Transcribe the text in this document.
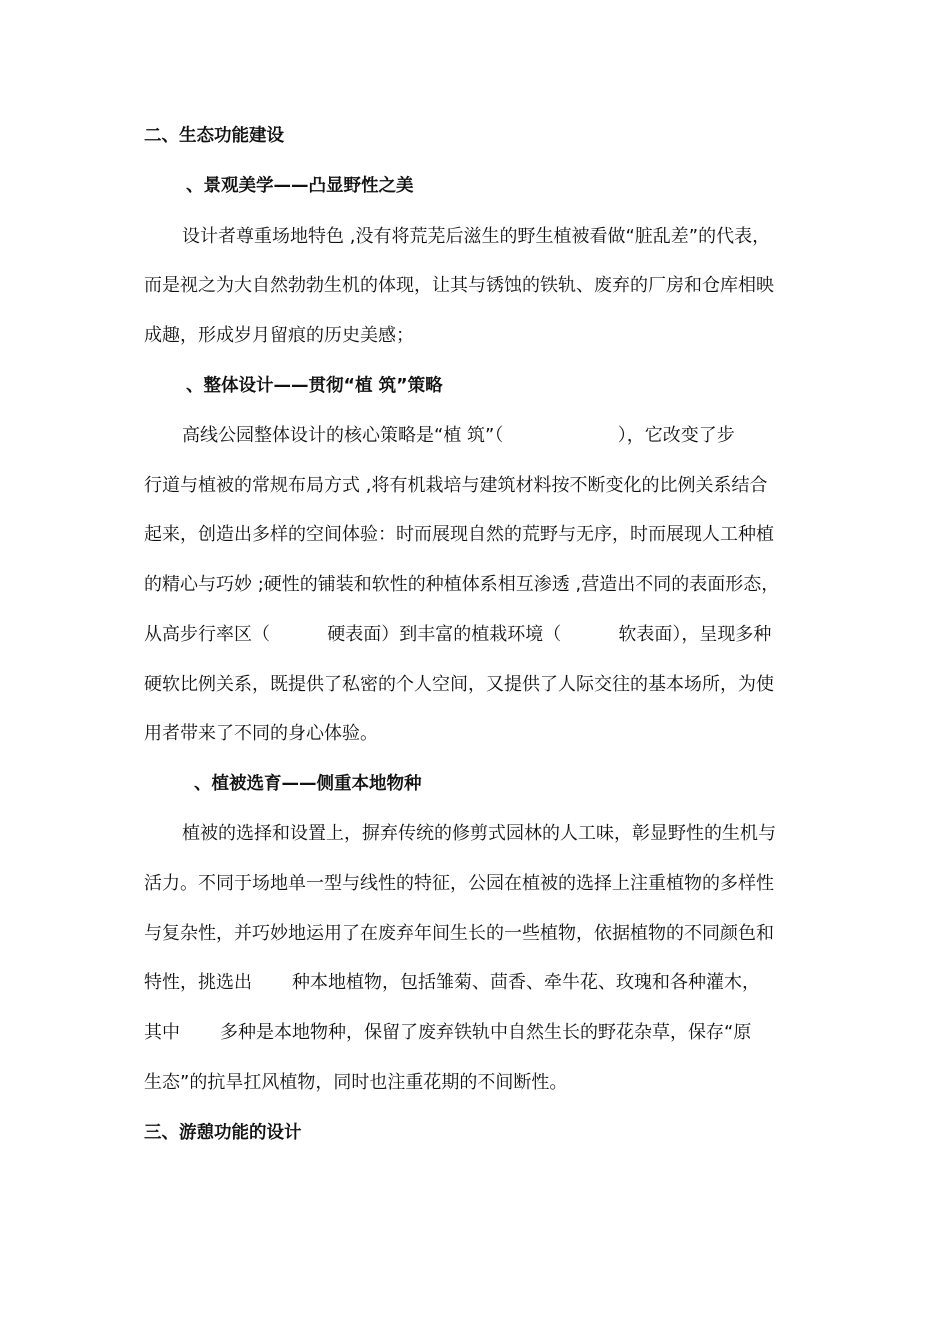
二、生态功能建设
、景观美学——凸显野性之美
设计者尊重场地特色 ,没有将荒芜后滋生的野生植被看做“脏乱差”的代表，
而是视之为大自然勃勃生机的体现，让其与锈蚀的铁轨、废弃的厂房和仓库相映
成趣，形成岁月留痕的历史美感；
、整体设计——贯彻“植 筑”策略
高线公园整体设计的核心策略是“植 筑”（                    ），它改变了步
行道与植被的常规布局方式 ,将有机栽培与建筑材料按不断变化的比例关系结合
起来，创造出多样的空间体验：时而展现自然的荒野与无序，时而展现人工种植
的精心与巧妙 ;硬性的铺装和软性的种植体系相互渗透 ,营造出不同的表面形态，
从高步行率区（          硬表面）到丰富的植栽环境（          软表面），呈现多种
硬软比例关系，既提供了私密的个人空间，又提供了人际交往的基本场所，为使
用者带来了不同的身心体验。
、植被选育——侧重本地物种
植被的选择和设置上，摒弃传统的修剪式园林的人工味，彰显野性的生机与
活力。不同于场地单一型与线性的特征，公园在植被的选择上注重植物的多样性
与复杂性，并巧妙地运用了在废弃年间生长的一些植物，依据植物的不同颜色和
特性，挑选出       种本地植物，包括雏菊、茴香、牵牛花、玫瑰和各种灌木，
其中       多种是本地物种，保留了废弃铁轨中自然生长的野花杂草，保存“原
生态”的抗旱扛风植物，同时也注重花期的不间断性。
三、游憩功能的设计
